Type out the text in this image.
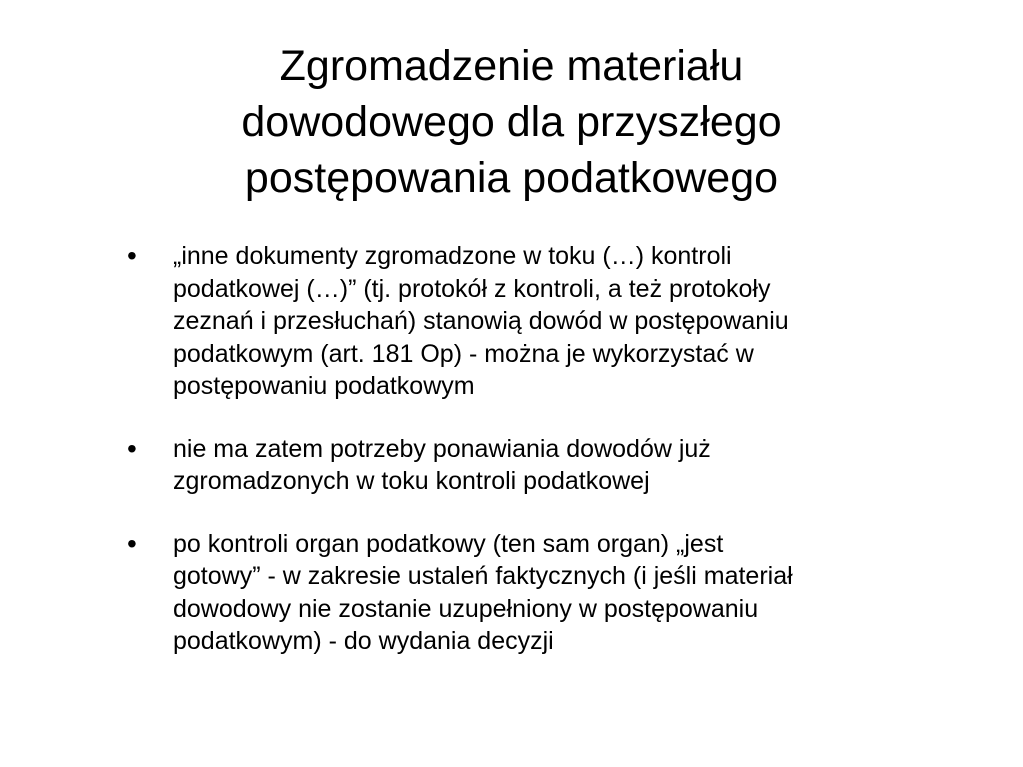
Zgromadzenie materiału
dowodowego dla przyszłego
postępowania podatkowego
• „inne dokumenty zgromadzone w toku (…) kontroli
podatkowej (…)” (tj. protokół z kontroli, a też protokoły
zeznań i przesłuchań) stanowią dowód w postępowaniu
podatkowym (art. 181 Op) - można je wykorzystać w
postępowaniu podatkowym
• nie ma zatem potrzeby ponawiania dowodów już
zgromadzonych w toku kontroli podatkowej
• po kontroli organ podatkowy (ten sam organ) „jest
gotowy” - w zakresie ustaleń faktycznych (i jeśli materiał
dowodowy nie zostanie uzupełniony w postępowaniu
podatkowym) - do wydania decyzji
